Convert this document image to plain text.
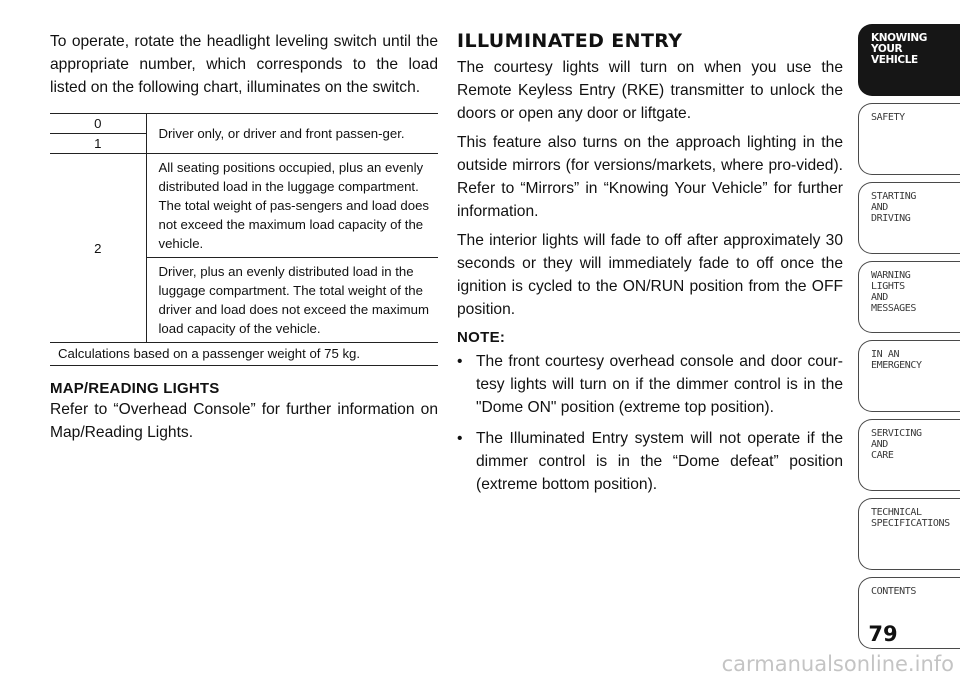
To operate, rotate the headlight leveling switch until the appropriate number, which corresponds to the load listed on the following chart, illuminates on the switch.

0	Driver only, or driver and front passen-ger.
1	
2	All seating positions occupied, plus an evenly distributed load in the luggage compartment. The total weight of pas-sengers and load does not exceed the maximum load capacity of the vehicle.
	Driver, plus an evenly distributed load in the luggage compartment. The total weight of the driver and load does not exceed the maximum load capacity of the vehicle.
Calculations based on a passenger weight of 75 kg.	
MAP/READING LIGHTS

Refer to “Overhead Console” for further information on Map/Reading Lights.

ILLUMINATED ENTRY

The courtesy lights will turn on when you use the Remote Keyless Entry (RKE) transmitter to unlock the doors or open any door or liftgate.

This feature also turns on the approach lighting in the outside mirrors (for versions/markets, where pro-vided). Refer to “Mirrors” in “Knowing Your Vehicle” for further information.

The interior lights will fade to off after approximately 30 seconds or they will immediately fade to off once the ignition is cycled to the ON/RUN position from the OFF position.

NOTE:
• The front courtesy overhead console and door cour-tesy lights will turn on if the dimmer control is in the "Dome ON" position (extreme top position).
• The Illuminated Entry system will not operate if the dimmer control is in the “Dome defeat” position (extreme bottom position).
KNOWING
YOUR
VEHICLE
SAFETY
STARTING
AND
DRIVING
WARNING
LIGHTS
AND
MESSAGES
IN AN
EMERGENCY
SERVICING
AND
CARE
TECHNICAL
SPECIFICATIONS
CONTENTS
79
carmanualsonline.info
